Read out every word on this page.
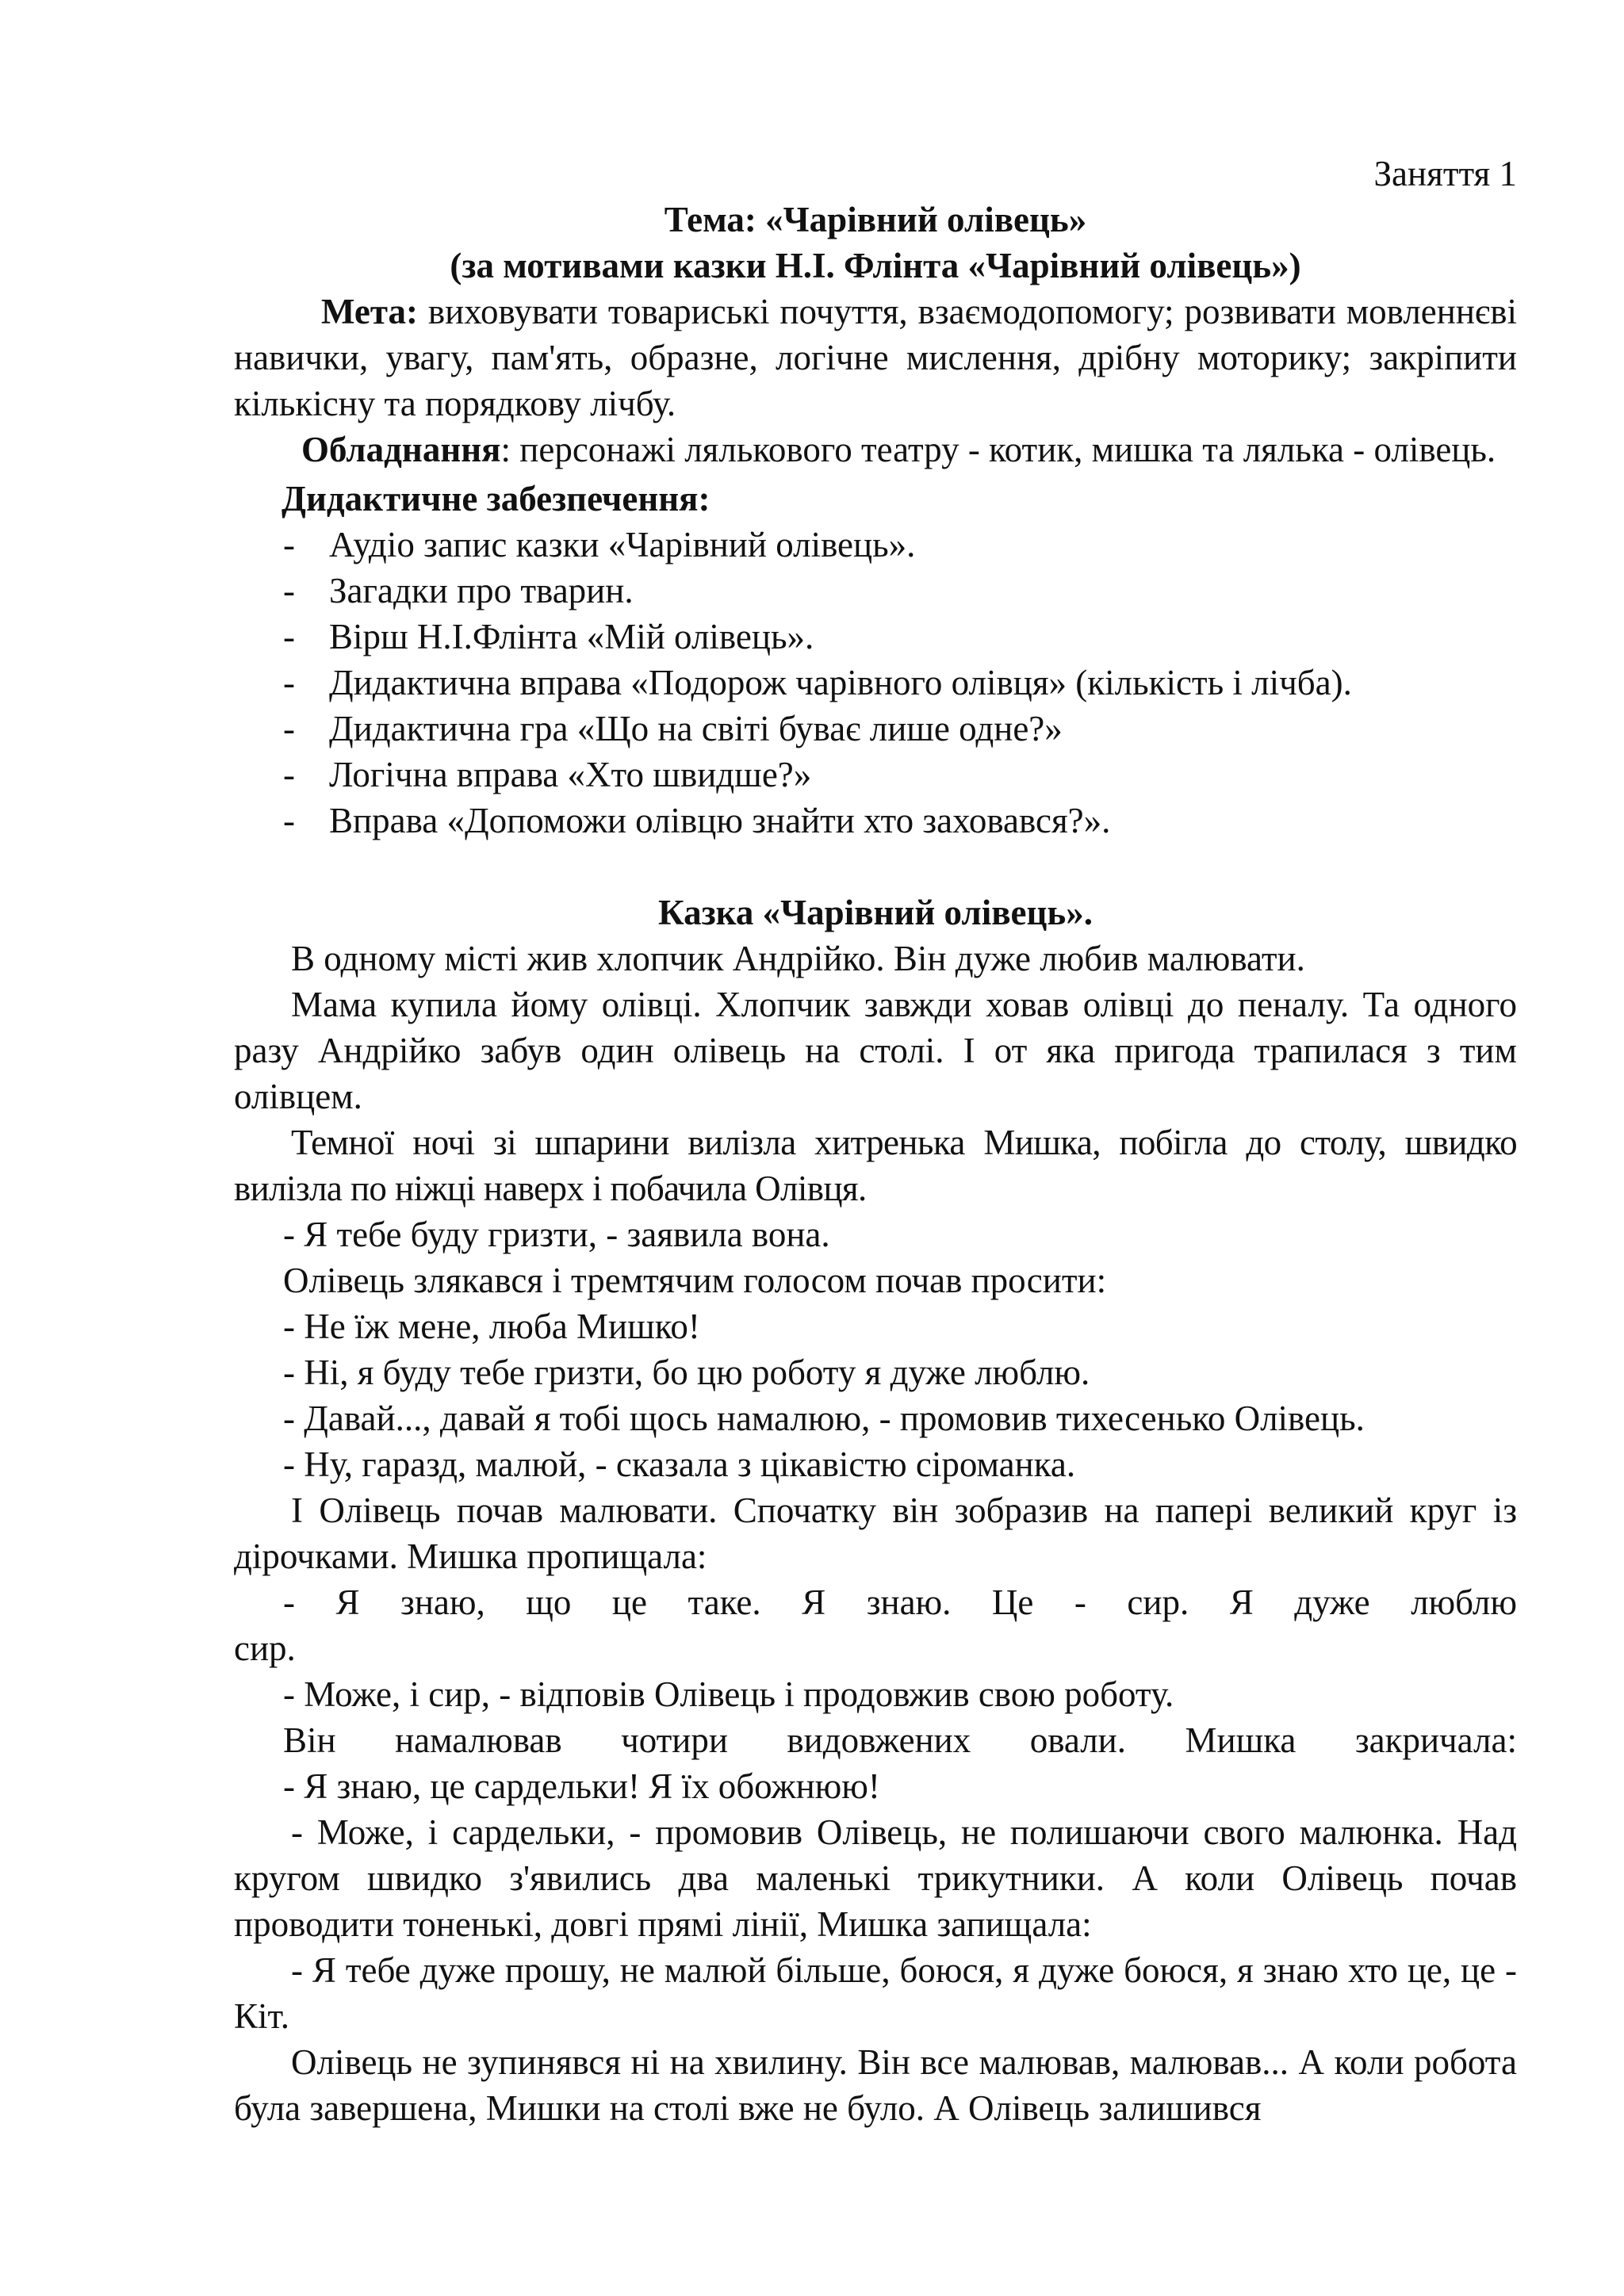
Заняття 1

Тема: «Чарівний олівець»

(за мотивами казки Н.І. Флінта «Чарівний олівець»)

Мета: виховувати товариські почуття, взаємодопомогу; розвивати мовленнєві навички, увагу, пам'ять, образне, логічне мислення, дрібну моторику; закріпити кількісну та порядкову лічбу.

Обладнання: персонажі лялькового театру - котик, мишка та лялька - олівець.

Дидактичне забезпечення:

- Аудіо запис казки «Чарівний олівець».
- Загадки про тварин.
- Вірш Н.І.Флінта «Мій олівець».
- Дидактична вправа «Подорож чарівного олівця» (кількість і лічба).
- Дидактична гра «Що на світі буває лише одне?»
- Логічна вправа «Хто швидше?»
- Вправа «Допоможи олівцю знайти хто заховався?».

Казка «Чарівний олівець».

В одному місті жив хлопчик Андрійко. Він дуже любив малювати.

Мама купила йому олівці. Хлопчик завжди ховав олівці до пеналу. Та одного разу Андрійко забув один олівець на столі. І от яка пригода трапилася з тим олівцем.

Темної ночі зі шпарини вилізла хитренька Мишка, побігла до столу, швидко вилізла по ніжці наверх і побачила Олівця.

- Я тебе буду гризти, - заявила вона.

Олівець злякався і тремтячим голосом почав просити:

- Не їж мене, люба Мишко!

- Ні, я буду тебе гризти, бо цю роботу я дуже люблю.

- Давай..., давай я тобі щось намалюю, - промовив тихесенько Олівець.

- Ну, гаразд, малюй, - сказала з цікавістю сіроманка.

І Олівець почав малювати. Спочатку він зобразив на папері великий круг із дірочками. Мишка пропищала:

- Я знаю, що це таке. Я знаю. Це - сир. Я дуже люблю

сир.

- Може, і сир, - відповів Олівець і продовжив свою роботу.

Він намалював чотири видовжених овали. Мишка закричала:

- Я знаю, це сардельки! Я їх обожнюю!

- Може, і сардельки, - промовив Олівець, не полишаючи свого малюнка. Над кругом швидко з'явились два маленькі трикутники. А коли Олівець почав проводити тоненькі, довгі прямі лінії, Мишка запищала:

- Я тебе дуже прошу, не малюй більше, боюся, я дуже боюся, я знаю хто це, це - Кіт.

Олівець не зупинявся ні на хвилину. Він все малював, малював... А коли робота була завершена, Мишки на столі вже не було. А Олівець залишився
